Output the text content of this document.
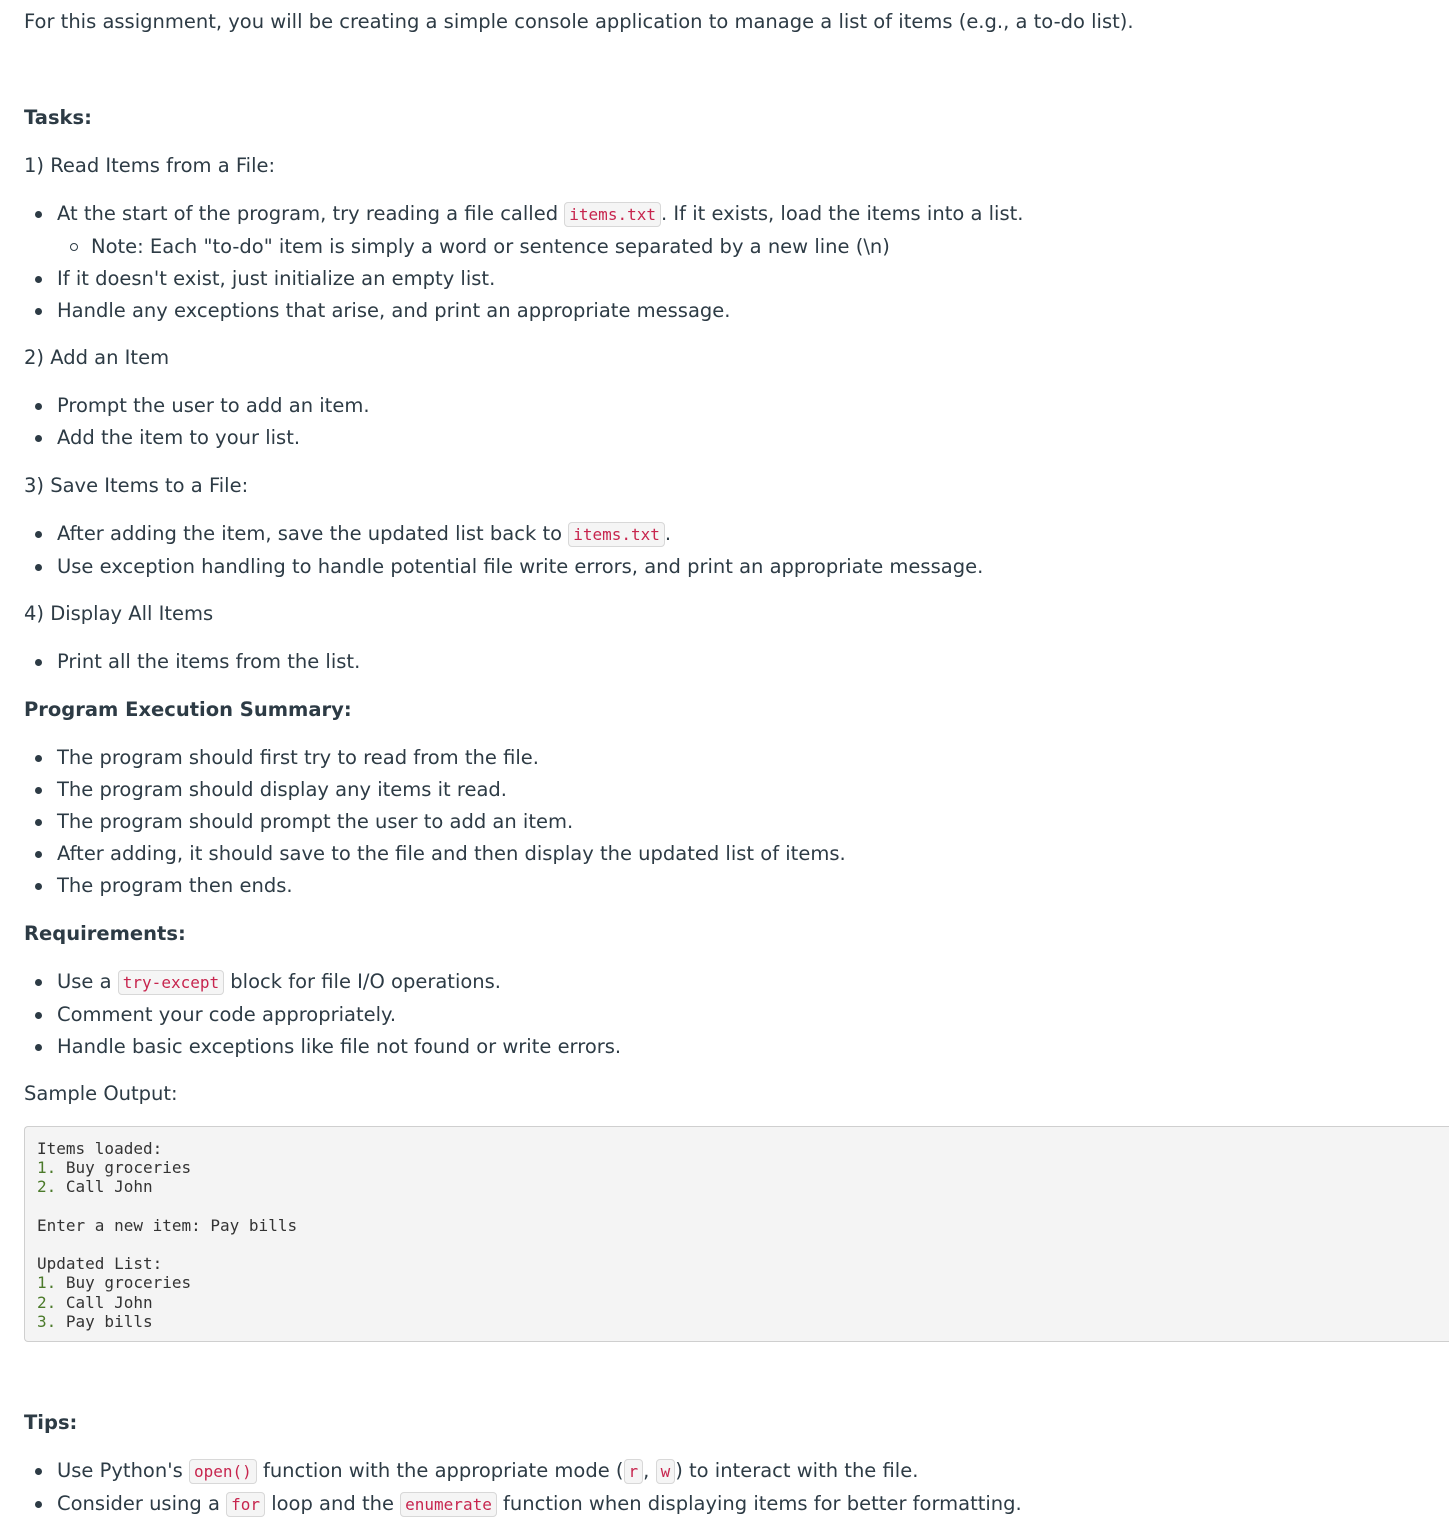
For this assignment, you will be creating a simple console application to manage a list of items (e.g., a to-do list).

Tasks:

1) Read Items from a File:

At the start of the program, try reading a file called items.txt . If it exists, load the items into a list.
Note: Each "to-do" item is simply a word or sentence separated by a new line (\n)
If it doesn't exist, just initialize an empty list.
Handle any exceptions that arise, and print an appropriate message.

2) Add an Item

Prompt the user to add an item.
Add the item to your list.

3) Save Items to a File:

After adding the item, save the updated list back to items.txt .
Use exception handling to handle potential file write errors, and print an appropriate message.

4) Display All Items

Print all the items from the list.

Program Execution Summary:

The program should first try to read from the file.
The program should display any items it read.
The program should prompt the user to add an item.
After adding, it should save to the file and then display the updated list of items.
The program then ends.

Requirements:

Use a try-except block for file I/O operations.
Comment your code appropriately.
Handle basic exceptions like file not found or write errors.

Sample Output:

Items loaded:
1. Buy groceries
2. Call John

Enter a new item: Pay bills

Updated List:
1. Buy groceries
2. Call John
3. Pay bills

Tips:

Use Python's open() function with the appropriate mode ( r , w ) to interact with the file.
Consider using a for loop and the enumerate function when displaying items for better formatting.
